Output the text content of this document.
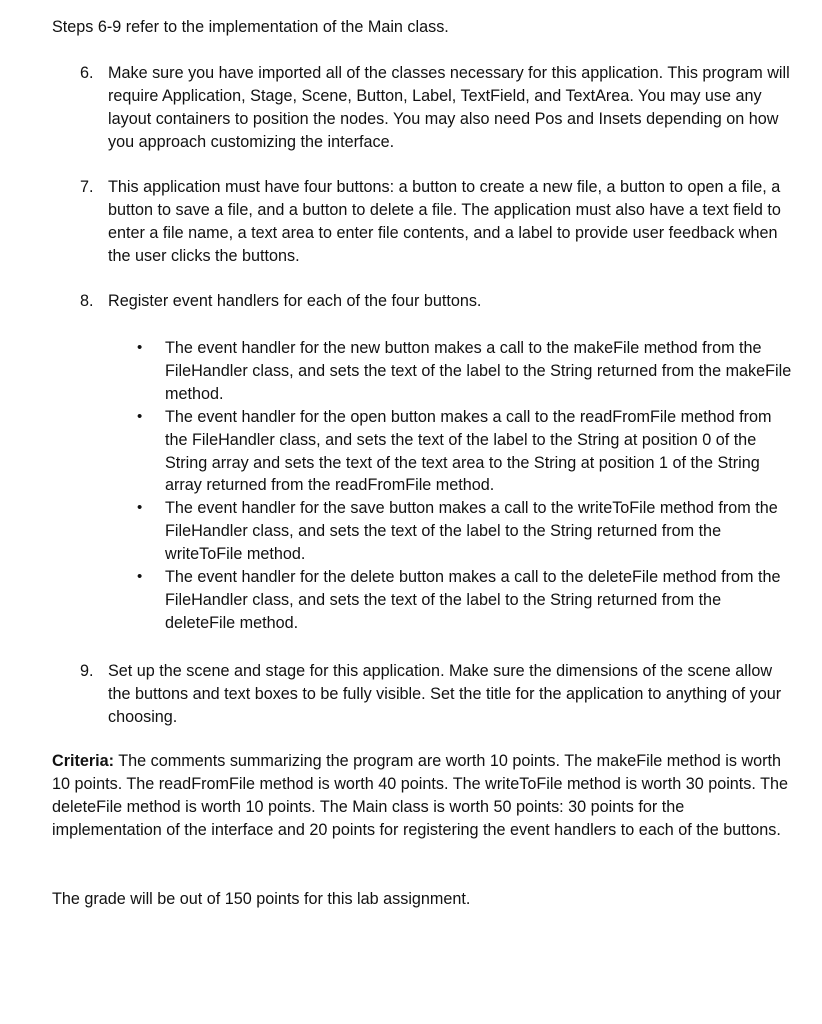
Steps 6-9 refer to the implementation of the Main class.

6. Make sure you have imported all of the classes necessary for this application. This program will require Application, Stage, Scene, Button, Label, TextField, and TextArea. You may use any layout containers to position the nodes. You may also need Pos and Insets depending on how you approach customizing the interface.

7. This application must have four buttons: a button to create a new file, a button to open a file, a button to save a file, and a button to delete a file. The application must also have a text field to enter a file name, a text area to enter file contents, and a label to provide user feedback when the user clicks the buttons.

8. Register event handlers for each of the four buttons.

• The event handler for the new button makes a call to the makeFile method from the FileHandler class, and sets the text of the label to the String returned from the makeFile method.
• The event handler for the open button makes a call to the readFromFile method from the FileHandler class, and sets the text of the label to the String at position 0 of the String array and sets the text of the text area to the String at position 1 of the String array returned from the readFromFile method.
• The event handler for the save button makes a call to the writeToFile method from the FileHandler class, and sets the text of the label to the String returned from the writeToFile method.
• The event handler for the delete button makes a call to the deleteFile method from the FileHandler class, and sets the text of the label to the String returned from the deleteFile method.
9. Set up the scene and stage for this application. Make sure the dimensions of the scene allow the buttons and text boxes to be fully visible. Set the title for the application to anything of your choosing.

Criteria: The comments summarizing the program are worth 10 points. The makeFile method is worth 10 points. The readFromFile method is worth 40 points. The writeToFile method is worth 30 points. The deleteFile method is worth 10 points. The Main class is worth 50 points: 30 points for the implementation of the interface and 20 points for registering the event handlers to each of the buttons.

The grade will be out of 150 points for this lab assignment.
